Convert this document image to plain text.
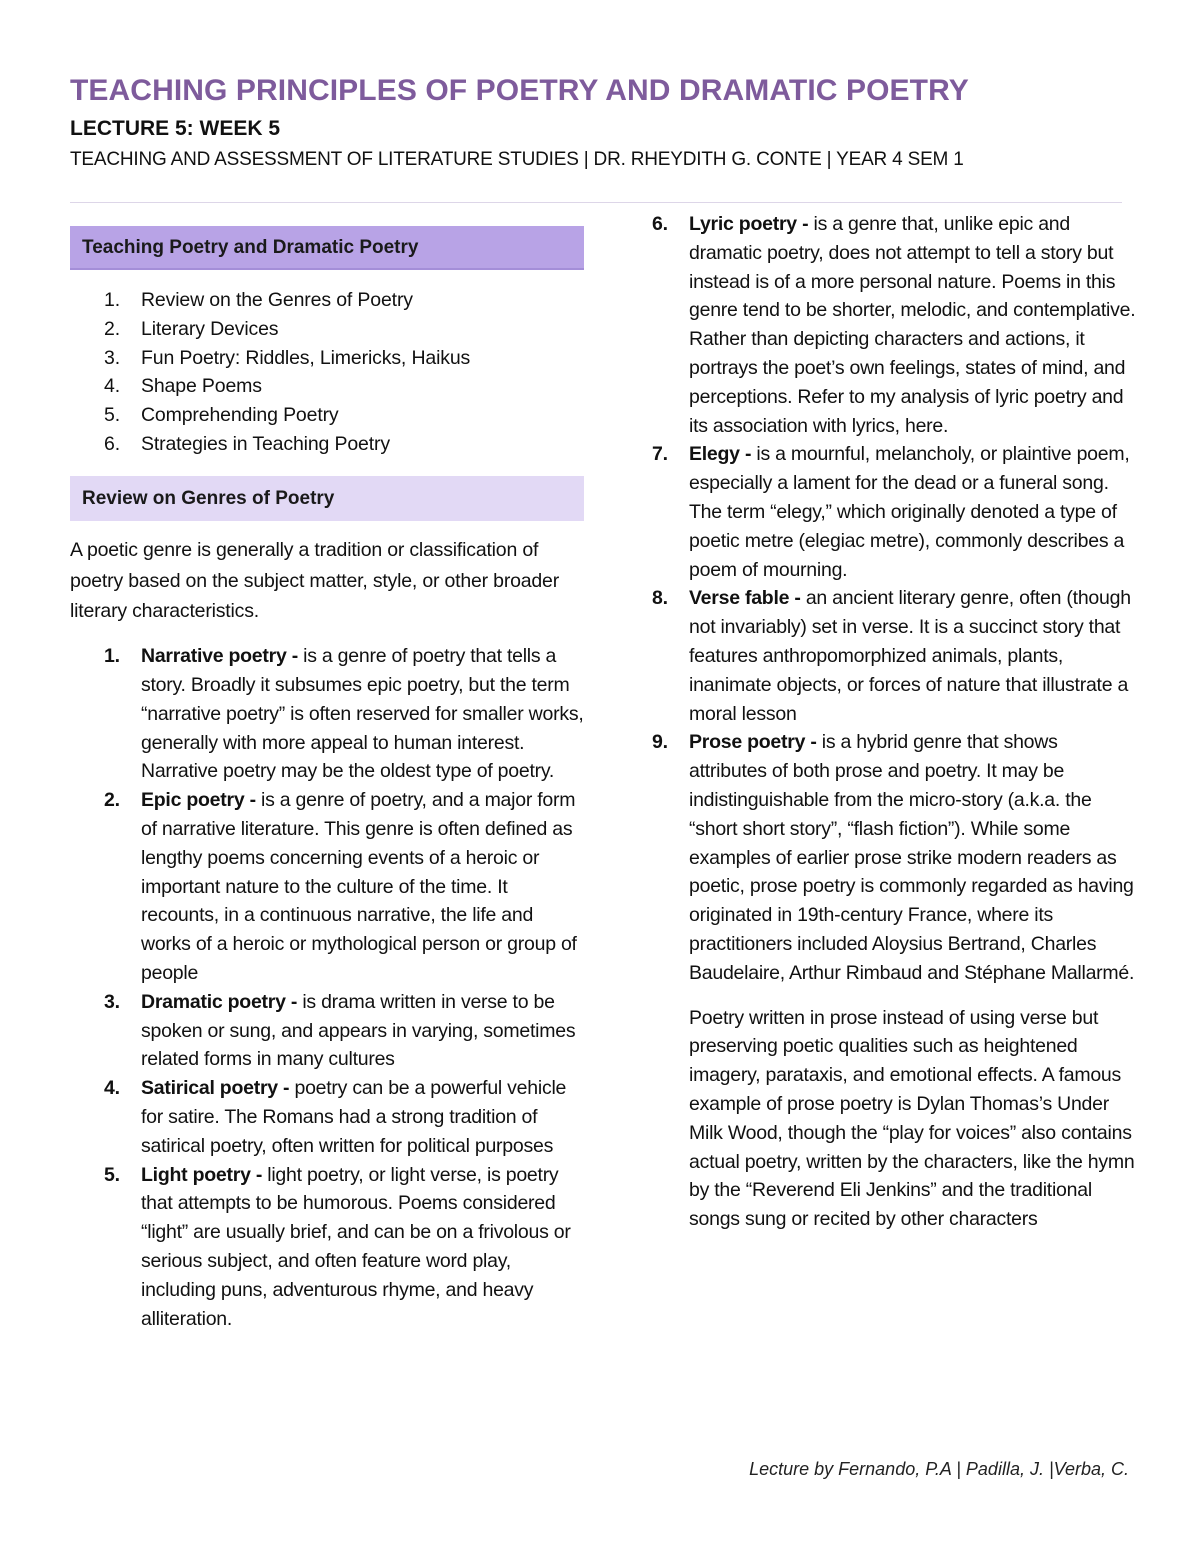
TEACHING PRINCIPLES OF POETRY AND DRAMATIC POETRY
LECTURE 5: WEEK 5

TEACHING AND ASSESSMENT OF LITERATURE STUDIES | DR. RHEYDITH G. CONTE | YEAR 4 SEM 1

Teaching Poetry and Dramatic Poetry
1. Review on the Genres of Poetry
2. Literary Devices
3. Fun Poetry: Riddles, Limericks, Haikus
4. Shape Poems
5. Comprehending Poetry
6. Strategies in Teaching Poetry
Review on Genres of Poetry

A poetic genre is generally a tradition or classification of poetry based on the subject matter, style, or other broader literary characteristics.

1. Narrative poetry - is a genre of poetry that tells a story. Broadly it subsumes epic poetry, but the term “narrative poetry” is often reserved for smaller works, generally with more appeal to human interest. Narrative poetry may be the oldest type of poetry.
2. Epic poetry - is a genre of poetry, and a major form of narrative literature. This genre is often defined as lengthy poems concerning events of a heroic or important nature to the culture of the time. It recounts, in a continuous narrative, the life and works of a heroic or mythological person or group of people
3. Dramatic poetry - is drama written in verse to be spoken or sung, and appears in varying, sometimes related forms in many cultures
4. Satirical poetry - poetry can be a powerful vehicle for satire. The Romans had a strong tradition of satirical poetry, often written for political purposes
5. Light poetry - light poetry, or light verse, is poetry that attempts to be humorous. Poems considered “light” are usually brief, and can be on a frivolous or serious subject, and often feature word play, including puns, adventurous rhyme, and heavy alliteration.
6. Lyric poetry - is a genre that, unlike epic and dramatic poetry, does not attempt to tell a story but instead is of a more personal nature. Poems in this genre tend to be shorter, melodic, and contemplative. Rather than depicting characters and actions, it portrays the poet’s own feelings, states of mind, and perceptions. Refer to my analysis of lyric poetry and its association with lyrics, here.
7. Elegy - is a mournful, melancholy, or plaintive poem, especially a lament for the dead or a funeral song. The term “elegy,” which originally denoted a type of poetic metre (elegiac metre), commonly describes a poem of mourning.
8. Verse fable - an ancient literary genre, often (though not invariably) set in verse. It is a succinct story that features anthropomorphized animals, plants, inanimate objects, or forces of nature that illustrate a moral lesson
9. Prose poetry - is a hybrid genre that shows attributes of both prose and poetry. It may be indistinguishable from the micro-story (a.k.a. the “short short story”, “flash fiction”). While some examples of earlier prose strike modern readers as poetic, prose poetry is commonly regarded as having originated in 19th-century France, where its practitioners included Aloysius Bertrand, Charles Baudelaire, Arthur Rimbaud and Stéphane Mallarmé.

Poetry written in prose instead of using verse but preserving poetic qualities such as heightened imagery, parataxis, and emotional effects. A famous example of prose poetry is Dylan Thomas’s Under Milk Wood, though the “play for voices” also contains actual poetry, written by the characters, like the hymn by the “Reverend Eli Jenkins” and the traditional songs sung or recited by other characters

Lecture by Fernando, P.A | Padilla, J. |Verba, C.
